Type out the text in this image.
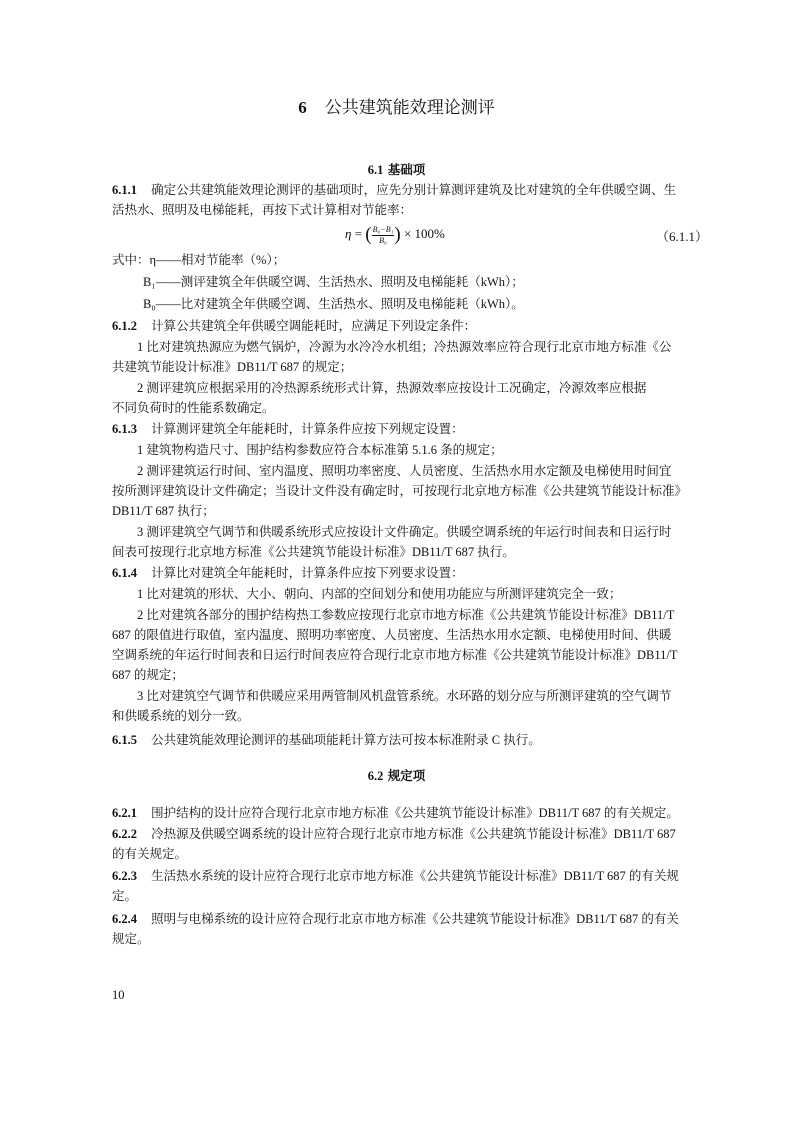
6 公共建筑能效理论测评
6.1 基础项
6.1.1 确定公共建筑能效理论测评的基础项时，应先分别计算测评建筑及比对建筑的全年供暖空调、生
活热水、照明及电梯能耗，再按下式计算相对节能率：
η = ( $\frac{\text{B₀−B₁}}{\text{B₀}}$ ) × 100%	（6.1.1）
式中：η——相对节能率（%）；
B₁——测评建筑全年供暖空调、生活热水、照明及电梯能耗（kWh）；
B₀——比对建筑全年供暖空调、生活热水、照明及电梯能耗（kWh）。
6.1.2 计算公共建筑全年供暖空调能耗时，应满足下列设定条件：
1 比对建筑热源应为燃气锅炉，冷源为水冷冷水机组；冷热源效率应符合现行北京市地方标准《公
共建筑节能设计标准》DB11/T 687 的规定；
2 测评建筑应根据采用的冷热源系统形式计算，热源效率应按设计工况确定，冷源效率应根据
不同负荷时的性能系数确定。
6.1.3 计算测评建筑全年能耗时，计算条件应按下列规定设置：
1 建筑物构造尺寸、围护结构参数应符合本标准第 5.1.6 条的规定；
2 测评建筑运行时间、室内温度、照明功率密度、人员密度、生活热水用水定额及电梯使用时间宜
按所测评建筑设计文件确定；当设计文件没有确定时，可按现行北京地方标准《公共建筑节能设计标准》
DB11/T 687 执行；
3 测评建筑空气调节和供暖系统形式应按设计文件确定。供暖空调系统的年运行时间表和日运行时
间表可按现行北京地方标准《公共建筑节能设计标准》DB11/T 687 执行。
6.1.4 计算比对建筑全年能耗时，计算条件应按下列要求设置：
1 比对建筑的形状、大小、朝向、内部的空间划分和使用功能应与所测评建筑完全一致；
2 比对建筑各部分的围护结构热工参数应按现行北京市地方标准《公共建筑节能设计标准》DB11/T
687 的限值进行取值，室内温度、照明功率密度、人员密度、生活热水用水定额、电梯使用时间、供暖
空调系统的年运行时间表和日运行时间表应符合现行北京市地方标准《公共建筑节能设计标准》DB11/T
687 的规定；
3 比对建筑空气调节和供暖应采用两管制风机盘管系统。水环路的划分应与所测评建筑的空气调节
和供暖系统的划分一致。
6.1.5 公共建筑能效理论测评的基础项能耗计算方法可按本标准附录 C 执行。
6.2 规定项
6.2.1 围护结构的设计应符合现行北京市地方标准《公共建筑节能设计标准》DB11/T 687 的有关规定。
6.2.2 冷热源及供暖空调系统的设计应符合现行北京市地方标准《公共建筑节能设计标准》DB11/T 687
的有关规定。
6.2.3 生活热水系统的设计应符合现行北京市地方标准《公共建筑节能设计标准》DB11/T 687 的有关规
定。
6.2.4 照明与电梯系统的设计应符合现行北京市地方标准《公共建筑节能设计标准》DB11/T 687 的有关
规定。
10
